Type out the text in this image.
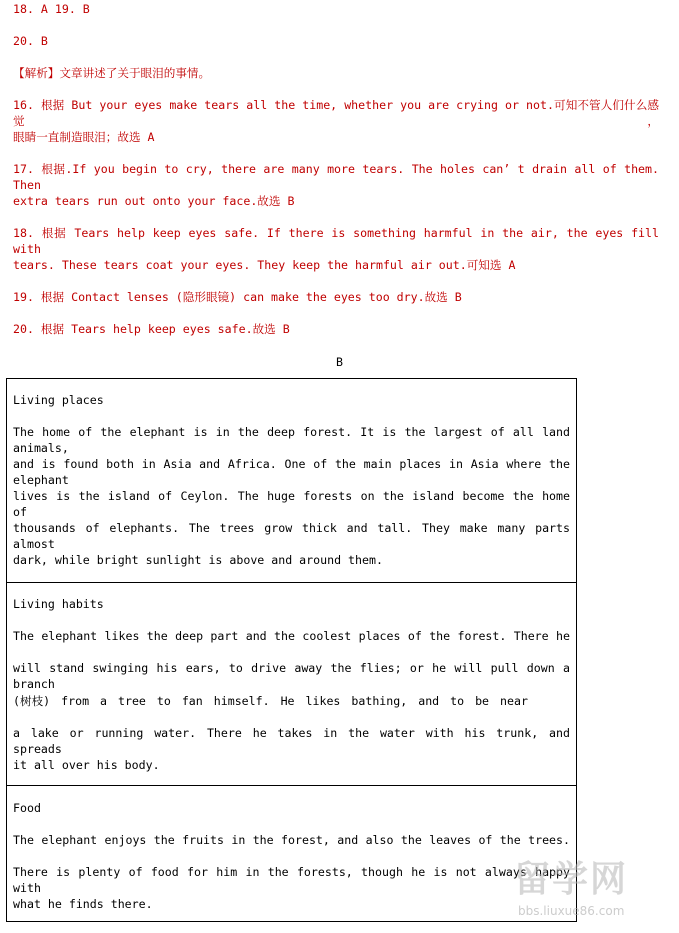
18. A 19. B
20. B
【解析】文章讲述了关于眼泪的事情。
16. 根据 But your eyes make tears all the time, whether you are crying or not.可知不管人们什么感觉，
眼睛一直制造眼泪；故选 A
17. 根据.If you begin to cry, there are many more tears. The holes can’ t drain all of them. Then
extra tears run out onto your face.故选 B
18. 根据 Tears help keep eyes safe. If there is something harmful in the air, the eyes fill with
tears. These tears coat your eyes. They keep the harmful air out.可知选 A
19. 根据 Contact lenses (隐形眼镜) can make the eyes too dry.故选 B
20. 根据 Tears help keep eyes safe.故选 B
B
Living places
The home of the elephant is in the deep forest. It is the largest of all land animals,
and is found both in Asia and Africa. One of the main places in Asia where the elephant
lives is the island of Ceylon. The huge forests on the island become the home of
thousands of elephants. The trees grow thick and tall. They make many parts almost
dark, while bright sunlight is above and around them.
Living habits
The elephant likes the deep part and the coolest places of the forest. There he
will stand swinging his ears, to drive away the flies; or he will pull down a branch
(树枝) from a tree to fan himself. He likes bathing, and to be near
a lake or running water. There he takes in the water with his trunk, and spreads
it all over his body.
Food
The elephant enjoys the fruits in the forest, and also the leaves of the trees.
There is plenty of food for him in the forests, though he is not always happy with
what he finds there.
留学网
bbs.liuxue86.com
